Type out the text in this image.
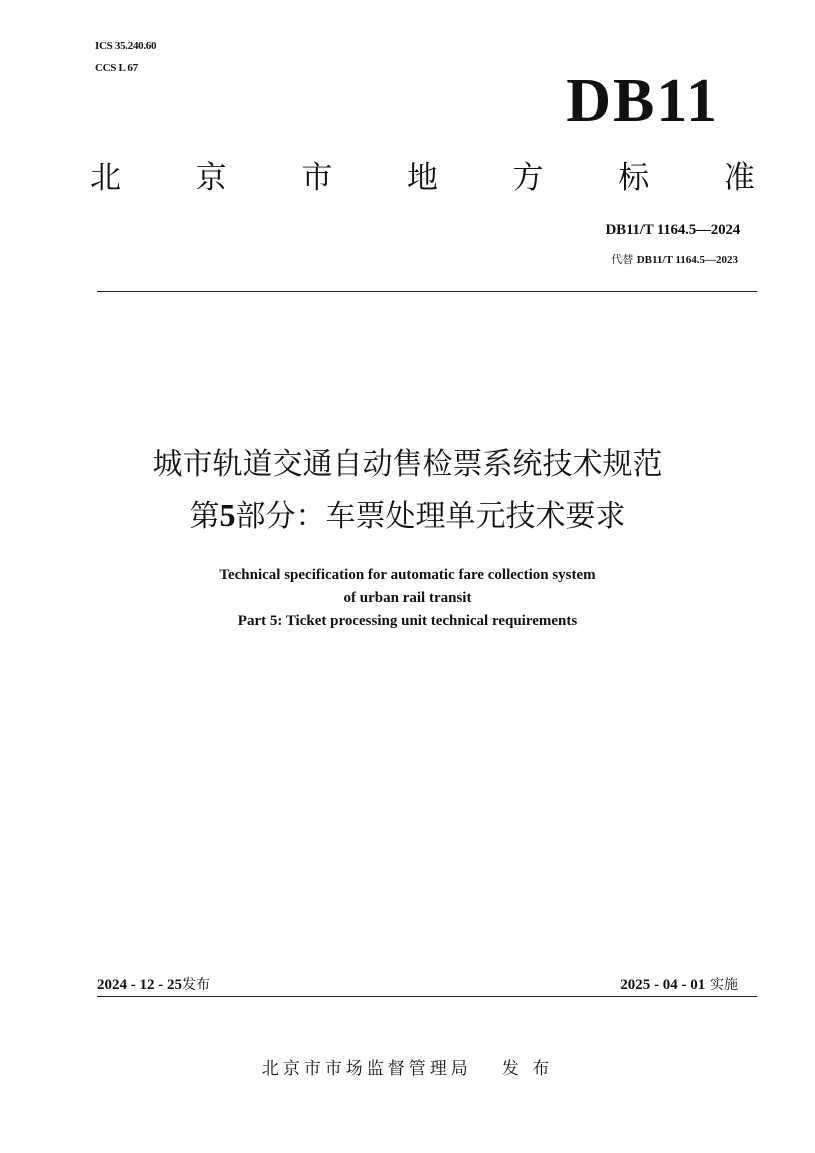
ICS 35.240.60
CCS L 67	DB11
北 京 市 地 方 标 准
DB11/T 1164.5—2024
代替 DB11/T 1164.5—2023
城市轨道交通自动售检票系统技术规范
第5部分：车票处理单元技术要求
Technical specification for automatic fare collection system
of urban rail transit
Part 5: Ticket processing unit technical requirements
2024 - 12 - 25发布	2025 - 04 - 01 实施
北京市市场监督管理局 发 布
